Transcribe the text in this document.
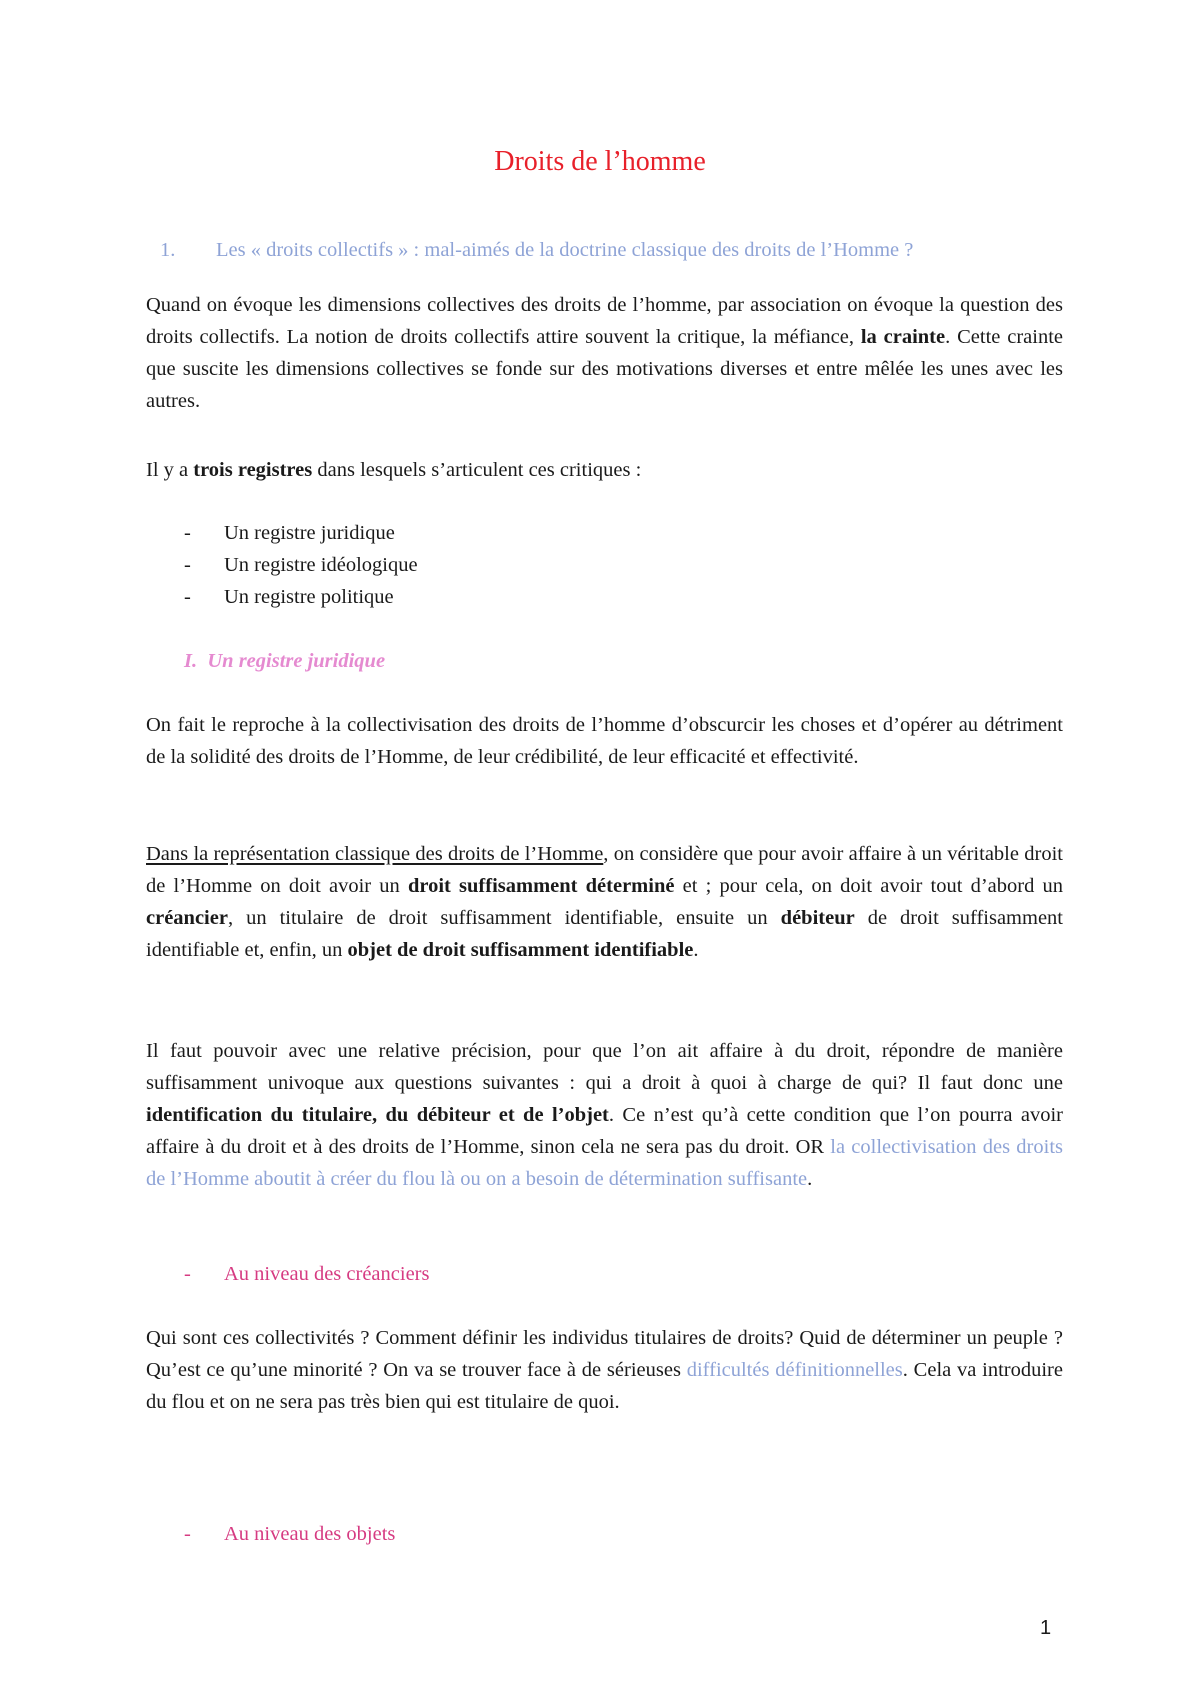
Droits de l’homme
1. Les « droits collectifs » : mal-aimés de la doctrine classique des droits de l’Homme ?

Quand on évoque les dimensions collectives des droits de l’homme, par association on évoque la question des droits collectifs. La notion de droits collectifs attire souvent la critique, la méfiance, la crainte. Cette crainte que suscite les dimensions collectives se fonde sur des motivations diverses et entre mêlée les unes avec les autres.

Il y a trois registres dans lesquels s’articulent ces critiques :

- Un registre juridique
- Un registre idéologique
- Un registre politique
I. Un registre juridique

On fait le reproche à la collectivisation des droits de l’homme d’obscurcir les choses et d’opérer au détriment de la solidité des droits de l’Homme, de leur crédibilité, de leur efficacité et effectivité.

Dans la représentation classique des droits de l’Homme, on considère que pour avoir affaire à un véritable droit de l’Homme on doit avoir un droit suffisamment déterminé et ; pour cela, on doit avoir tout d’abord un créancier, un titulaire de droit suffisamment identifiable, ensuite un débiteur de droit suffisamment identifiable et, enfin, un objet de droit suffisamment identifiable.

Il faut pouvoir avec une relative précision, pour que l’on ait affaire à du droit, répondre de manière suffisamment univoque aux questions suivantes : qui a droit à quoi à charge de qui? Il faut donc une identification du titulaire, du débiteur et de l’objet. Ce n’est qu’à cette condition que l’on pourra avoir affaire à du droit et à des droits de l’Homme, sinon cela ne sera pas du droit. OR la collectivisation des droits de l’Homme aboutit à créer du flou là ou on a besoin de détermination suffisante.

- Au niveau des créanciers

Qui sont ces collectivités ? Comment définir les individus titulaires de droits? Quid de déterminer un peuple ? Qu’est ce qu’une minorité ? On va se trouver face à de sérieuses difficultés définitionnelles. Cela va introduire du flou et on ne sera pas très bien qui est titulaire de quoi.

- Au niveau des objets
1
